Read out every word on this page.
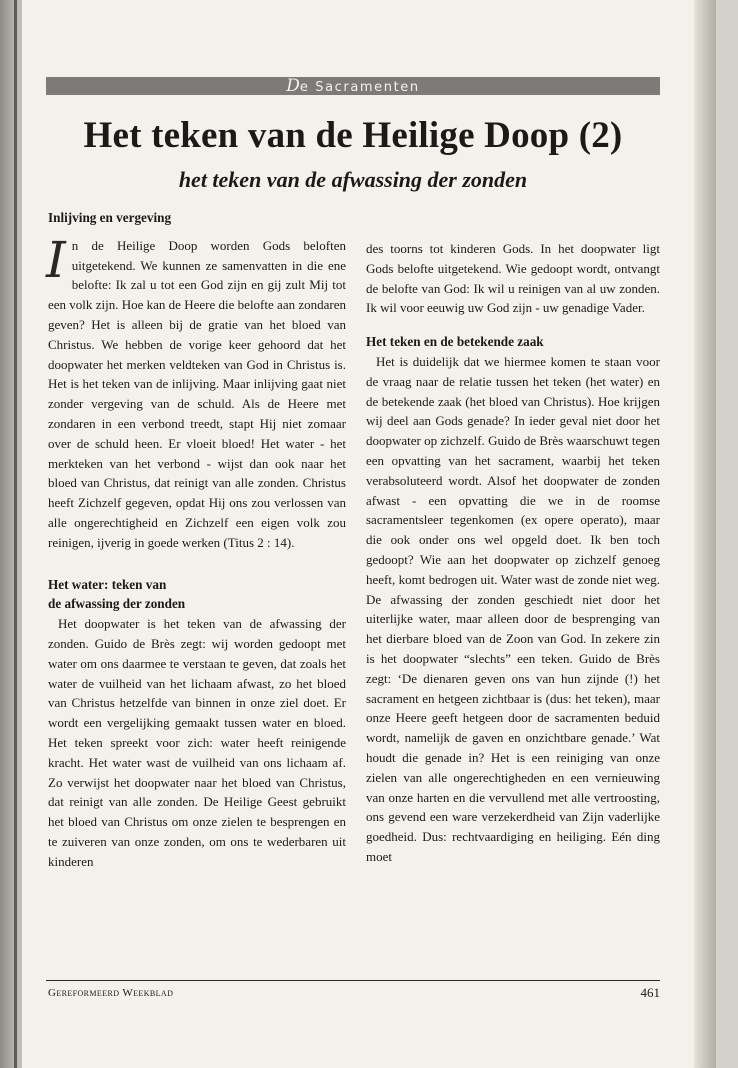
De Sacramenten
Het teken van de Heilige Doop (2)
het teken van de afwassing der zonden
Inlijving en vergeving

In de Heilige Doop worden Gods beloften uitgetekend. We kunnen ze samenvatten in die ene belofte: Ik zal u tot een God zijn en gij zult Mij tot een volk zijn. Hoe kan de Heere die belofte aan zondaren geven? Het is alleen bij de gratie van het bloed van Christus. We hebben de vorige keer gehoord dat het doopwater het merken veldteken van God in Christus is. Het is het teken van de inlijving. Maar inlijving gaat niet zonder vergeving van de schuld. Als de Heere met zondaren in een verbond treedt, stapt Hij niet zomaar over de schuld heen. Er vloeit bloed! Het water - het merkteken van het verbond - wijst dan ook naar het bloed van Christus, dat reinigt van alle zonden. Christus heeft Zichzelf gegeven, opdat Hij ons zou verlossen van alle ongerechtigheid en Zichzelf een eigen volk zou reinigen, ijverig in goede werken (Titus 2 : 14).

Het water: teken van
de afwassing der zonden

Het doopwater is het teken van de afwassing der zonden. Guido de Brès zegt: wij worden gedoopt met water om ons daarmee te verstaan te geven, dat zoals het water de vuilheid van het lichaam afwast, zo het bloed van Christus hetzelfde van binnen in onze ziel doet. Er wordt een vergelijking gemaakt tussen water en bloed. Het teken spreekt voor zich: water heeft reinigende kracht. Het water wast de vuilheid van ons lichaam af. Zo verwijst het doopwater naar het bloed van Christus, dat reinigt van alle zonden. De Heilige Geest gebruikt het bloed van Christus om onze zielen te besprengen en te zuiveren van onze zonden, om ons te wederbaren uit kinderen

des toorns tot kinderen Gods. In het doopwater ligt Gods belofte uitgetekend. Wie gedoopt wordt, ontvangt de belofte van God: Ik wil u reinigen van al uw zonden. Ik wil voor eeuwig uw God zijn - uw genadige Vader.

Het teken en de betekende zaak

Het is duidelijk dat we hiermee komen te staan voor de vraag naar de relatie tussen het teken (het water) en de betekende zaak (het bloed van Christus). Hoe krijgen wij deel aan Gods genade? In ieder geval niet door het doopwater op zichzelf. Guido de Brès waarschuwt tegen een opvatting van het sacrament, waarbij het teken verabsoluteerd wordt. Alsof het doopwater de zonden afwast - een opvatting die we in de roomse sacramentsleer tegenkomen (ex opere operato), maar die ook onder ons wel opgeld doet. Ik ben toch gedoopt? Wie aan het doopwater op zichzelf genoeg heeft, komt bedrogen uit. Water wast de zonde niet weg. De afwassing der zonden geschiedt niet door het uiterlijke water, maar alleen door de besprenging van het dierbare bloed van de Zoon van God. In zekere zin is het doopwater “slechts” een teken. Guido de Brès zegt: ‘De dienaren geven ons van hun zijnde (!) het sacrament en hetgeen zichtbaar is (dus: het teken), maar onze Heere geeft hetgeen door de sacramenten beduid wordt, namelijk de gaven en onzichtbare genade.’ Wat houdt die genade in? Het is een reiniging van onze zielen van alle ongerechtigheden en een vernieuwing van onze harten en die vervullend met alle vertroosting, ons gevend een ware verzekerdheid van Zijn vaderlijke goedheid. Dus: rechtvaardiging en heiliging. Eén ding moet

Gereformeerd Weekblad	461
